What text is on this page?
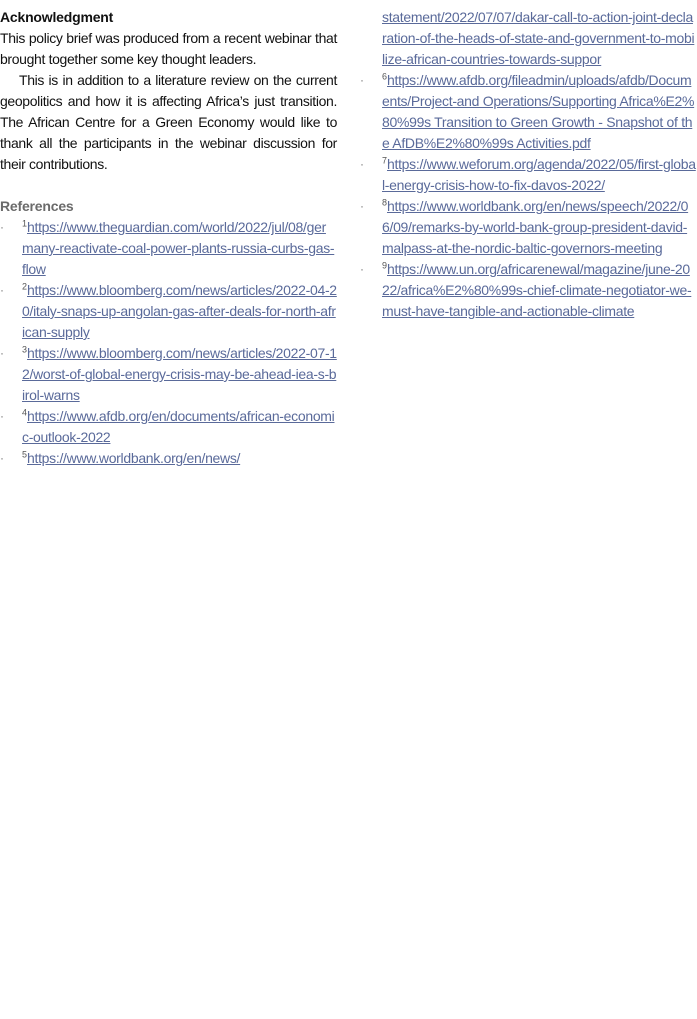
Acknowledgment
This policy brief was produced from a recent webinar that brought together some key thought leaders.
This is in addition to a literature review on the current geopolitics and how it is affecting Africa’s just transition. The African Centre for a Green Economy would like to thank all the participants in the webinar discussion for their contributions.
References
· $^1$https://www.theguardian.com/world/2022/jul/08/germany-reactivate-coal-power-plants-russia-curbs-gas-flow
· $^2$https://www.bloomberg.com/news/articles/2022-04-20/italy-snaps-up-angolan-gas-after-deals-for-north-african-supply
· $^3$https://www.bloomberg.com/news/articles/2022-07-12/worst-of-global-energy-crisis-may-be-ahead-iea-s-birol-warns
· $^4$https://www.afdb.org/en/documents/african-economic-outlook-2022
· $^5$https://www.worldbank.org/en/news/
statement/2022/07/07/dakar-call-to-action-joint-declaration-of-the-heads-of-state-and-government-to-mobilize-african-countries-towards-suppor
· $^6$https://www.afdb.org/fileadmin/uploads/afdb/Documents/Project-and Operations/Supporting Africa%E2%80%99s Transition to Green Growth - Snapshot of the AfDB%E2%80%99s Activities.pdf
· $^7$https://www.weforum.org/agenda/2022/05/first-global-energy-crisis-how-to-fix-davos-2022/
· $^8$https://www.worldbank.org/en/news/speech/2022/06/09/remarks-by-world-bank-group-president-david-malpass-at-the-nordic-baltic-governors-meeting
· $^9$https://www.un.org/africarenewal/magazine/june-2022/africa%E2%80%99s-chief-climate-negotiator-we-must-have-tangible-and-actionable-climate
